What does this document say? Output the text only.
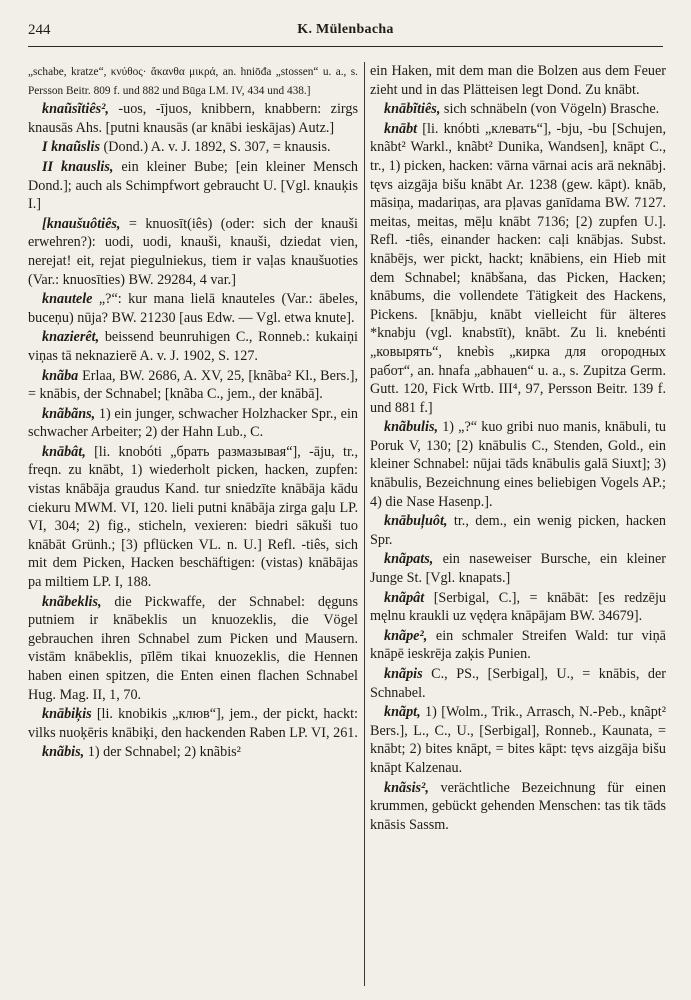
244	K. Mülenbacha

„schabe, kratze“, κνύθος· ἄκανθα μικρά, an. hniōđa „stossen“ u. a., s. Persson Beitr. 809 f. und 882 und Būga LM. IV, 434 und 438.]

knaũsĩtiês², -uos, -ījuos, knibbern, knabbern: zirgs knausās Ahs. [putni knausās (ar knābi ieskājas) Autz.]

I knaũslis (Dond.) A. v. J. 1892, S. 307, = knausis.

II knauslis, ein kleiner Bube; [ein kleiner Mensch Dond.]; auch als Schimpfwort gebraucht U. [Vgl. knauķis I.]

[knaušuôtiês, = knuosīt(iês) (oder: sich der knauši erwehren?): uodi, uodi, knauši, knauši, dziedat vien, nerejat! eit, rejat piegulniekus, tiem ir vaļas knaušuoties (Var.: knuosīties) BW. 29284, 4 var.]

knautele „?“: kur mana lielā knauteles (Var.: ābeles, buceņu) nūja? BW. 21230 [aus Edw. — Vgl. etwa knute].

knazierêt, beissend beunruhigen C., Ronneb.: kukaiņi viņas tā neknazierē A. v. J. 1902, S. 127.

knãba Erlaa, BW. 2686, A. XV, 25, [knãba² Kl., Bers.], = knābis, der Schnabel; [knãba C., jem., der knābā].

knãbãns, 1) ein junger, schwacher Holzhacker Spr., ein schwacher Arbeiter; 2) der Hahn Lub., C.

knābât, [li. knobóti „брать размазывая“], -āju, tr., freqn. zu knābt, 1) wiederholt picken, hacken, zupfen: vistas knābāja graudus Kand. tur sniedzīte knābāja kādu ciekuru MWM. VI, 120. lieli putni knābāja zirga gaļu LP. VI, 304; 2) fig., sticheln, vexieren: biedri sākuši tuo knābāt Grünh.; [3) pflücken VL. n. U.] Refl. -tiês, sich mit dem Picken, Hacken beschäftigen: (vistas) knābājas pa miltiem LP. I, 188.

knãbeklis, die Pickwaffe, der Schnabel: dęguns putniem ir knābeklis un knuozeklis, die Vögel gebrauchen ihren Schnabel zum Picken und Mausern. vistām knābeklis, pīlēm tikai knuozeklis, die Hennen haben einen spitzen, die Enten einen flachen Schnabel Hug. Mag. II, 1, 70.

knābiķis [li. knobikis „клюв“], jem., der pickt, hackt: vilks nuoķēris knābiķi, den hackenden Raben LP. VI, 261.

knãbis, 1) der Schnabel; 2) knãbis²

ein Haken, mit dem man die Bolzen aus dem Feuer zieht und in das Plätteisen legt Dond. Zu knābt.

knābĩtiês, sich schnäbeln (von Vögeln) Brasche.

knābt [li. knóbti „клевать“], -bju, -bu [Schujen, knãbt² Warkl., knãbt² Dunika, Wandsen], knāpt C., tr., 1) picken, hacken: vārna vārnai acis arā neknābj. tęvs aizgāja bišu knābt Ar. 1238 (gew. kāpt). knāb, māsiņa, madariņas, ara pļavas ganīdama BW. 7127. meitas, meitas, mēļu knābt 7136; [2) zupfen U.]. Refl. -tiês, einander hacken: caļi knābjas. Subst. knābējs, wer pickt, hackt; knābiens, ein Hieb mit dem Schnabel; knābšana, das Picken, Hacken; knābums, die vollendete Tätigkeit des Hackens, Pickens. [knābju, knābt vielleicht für älteres *knabju (vgl. knabstīt), knābt. Zu li. knebénti „ковырять“, knebìs „кирка для огородных работ“, an. hnafa „abhauen“ u. a., s. Zupitza Germ. Gutt. 120, Fick Wrtb. III⁴, 97, Persson Beitr. 139 f. und 881 f.]

knãbulis, 1) „?“ kuo gribi nuo manis, knābuli, tu Poruk V, 130; [2) knābulis C., Stenden, Gold., ein kleiner Schnabel: nūjai tāds knābulis galā Siuxt]; 3) knābulis, Bezeichnung eines beliebigen Vogels AP.; 4) die Nase Hasenp.].

knābuļuôt, tr., dem., ein wenig picken, hacken Spr.

knãpats, ein naseweiser Bursche, ein kleiner Junge St. [Vgl. knapats.]

knãpât [Serbigal, C.], = knābāt: [es redzēju męlnu kraukli uz vędęra knāpājam BW. 34679].

knãpe², ein schmaler Streifen Wald: tur viņā knāpē ieskrēja zaķis Punien.

knãpis C., PS., [Serbigal], U., = knābis, der Schnabel.

knãpt, 1) [Wolm., Trik., Arrasch, N.-Peb., knãpt² Bers.], L., C., U., [Serbigal], Ronneb., Kaunata, = knābt; 2) bites knāpt, = bites kāpt: tęvs aizgāja bišu knāpt Kalzenau.

knãsis², verächtliche Bezeichnung für einen krummen, gebückt gehenden Menschen: tas tik tāds knāsis Sassm.
